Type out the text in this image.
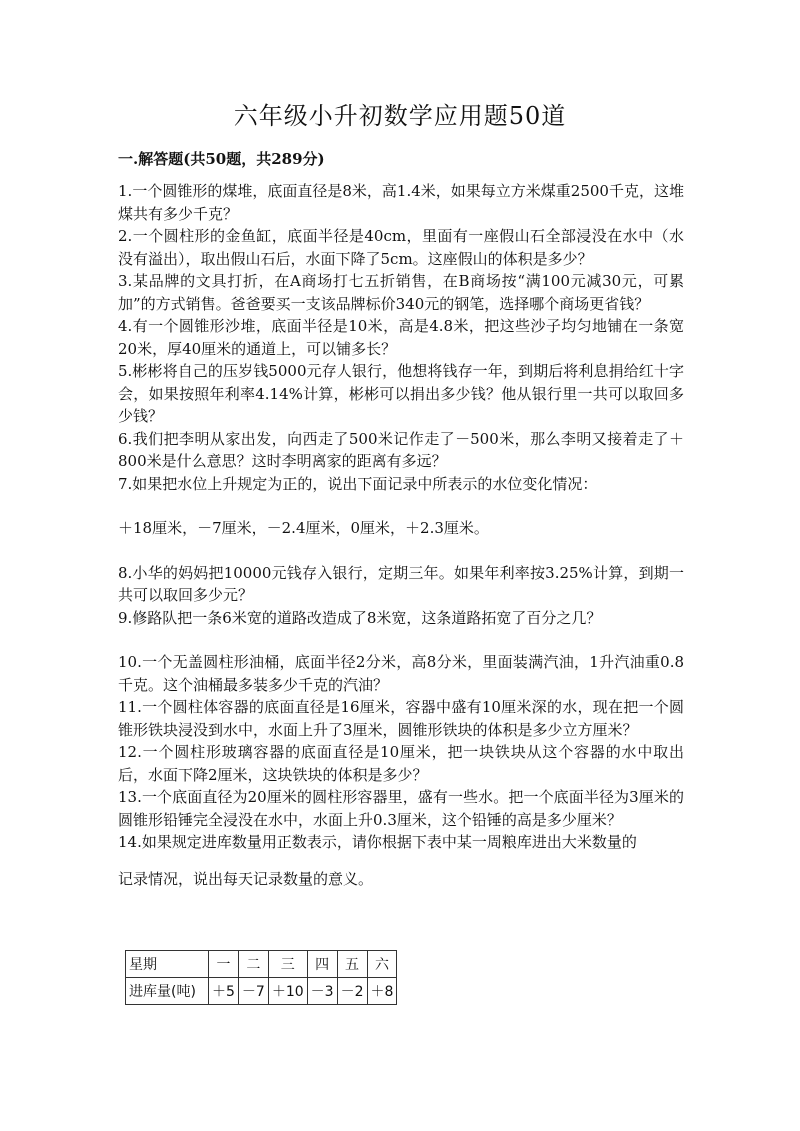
六年级小升初数学应用题50道
一.解答题(共50题，共289分)

1.一个圆锥形的煤堆，底面直径是8米，高1.4米，如果每立方米煤重2500千克，这堆煤共有多少千克？

2.一个圆柱形的金鱼缸，底面半径是40cm，里面有一座假山石全部浸没在水中（水没有溢出），取出假山石后，水面下降了5cm。这座假山的体积是多少？

3.某品牌的文具打折，在A商场打七五折销售，在B商场按“满100元减30元，可累加”的方式销售。爸爸要买一支该品牌标价340元的钢笔，选择哪个商场更省钱？

4.有一个圆锥形沙堆，底面半径是10米，高是4.8米，把这些沙子均匀地铺在一条宽20米，厚40厘米的通道上，可以铺多长？

5.彬彬将自己的压岁钱5000元存人银行，他想将钱存一年，到期后将利息捐给红十字会，如果按照年利率4.14%计算，彬彬可以捐出多少钱？他从银行里一共可以取回多少钱？

6.我们把李明从家出发，向西走了500米记作走了－500米，那么李明又接着走了＋800米是什么意思？这时李明离家的距离有多远？

7.如果把水位上升规定为正的，说出下面记录中所表示的水位变化情况：

＋18厘米，－7厘米，－2.4厘米，0厘米，＋2.3厘米。

8.小华的妈妈把10000元钱存入银行，定期三年。如果年利率按3.25%计算，到期一共可以取回多少元？

9.修路队把一条6米宽的道路改造成了8米宽，这条道路拓宽了百分之几？

10.一个无盖圆柱形油桶，底面半径2分米，高8分米，里面装满汽油，1升汽油重0.8千克。这个油桶最多装多少千克的汽油？

11.一个圆柱体容器的底面直径是16厘米，容器中盛有10厘米深的水，现在把一个圆锥形铁块浸没到水中，水面上升了3厘米，圆锥形铁块的体积是多少立方厘米？

12.一个圆柱形玻璃容器的底面直径是10厘米，把一块铁块从这个容器的水中取出后，水面下降2厘米，这块铁块的体积是多少？

13.一个底面直径为20厘米的圆柱形容器里，盛有一些水。把一个底面半径为3厘米的圆锥形铅锤完全浸没在水中，水面上升0.3厘米，这个铅锤的高是多少厘米？

14.如果规定进库数量用正数表示，请你根据下表中某一周粮库进出大米数量的

记录情况，说出每天记录数量的意义。

星期	一	二	三	四	五	六
进库量(吨)	＋5	－7	＋10	－3	－2	＋8
